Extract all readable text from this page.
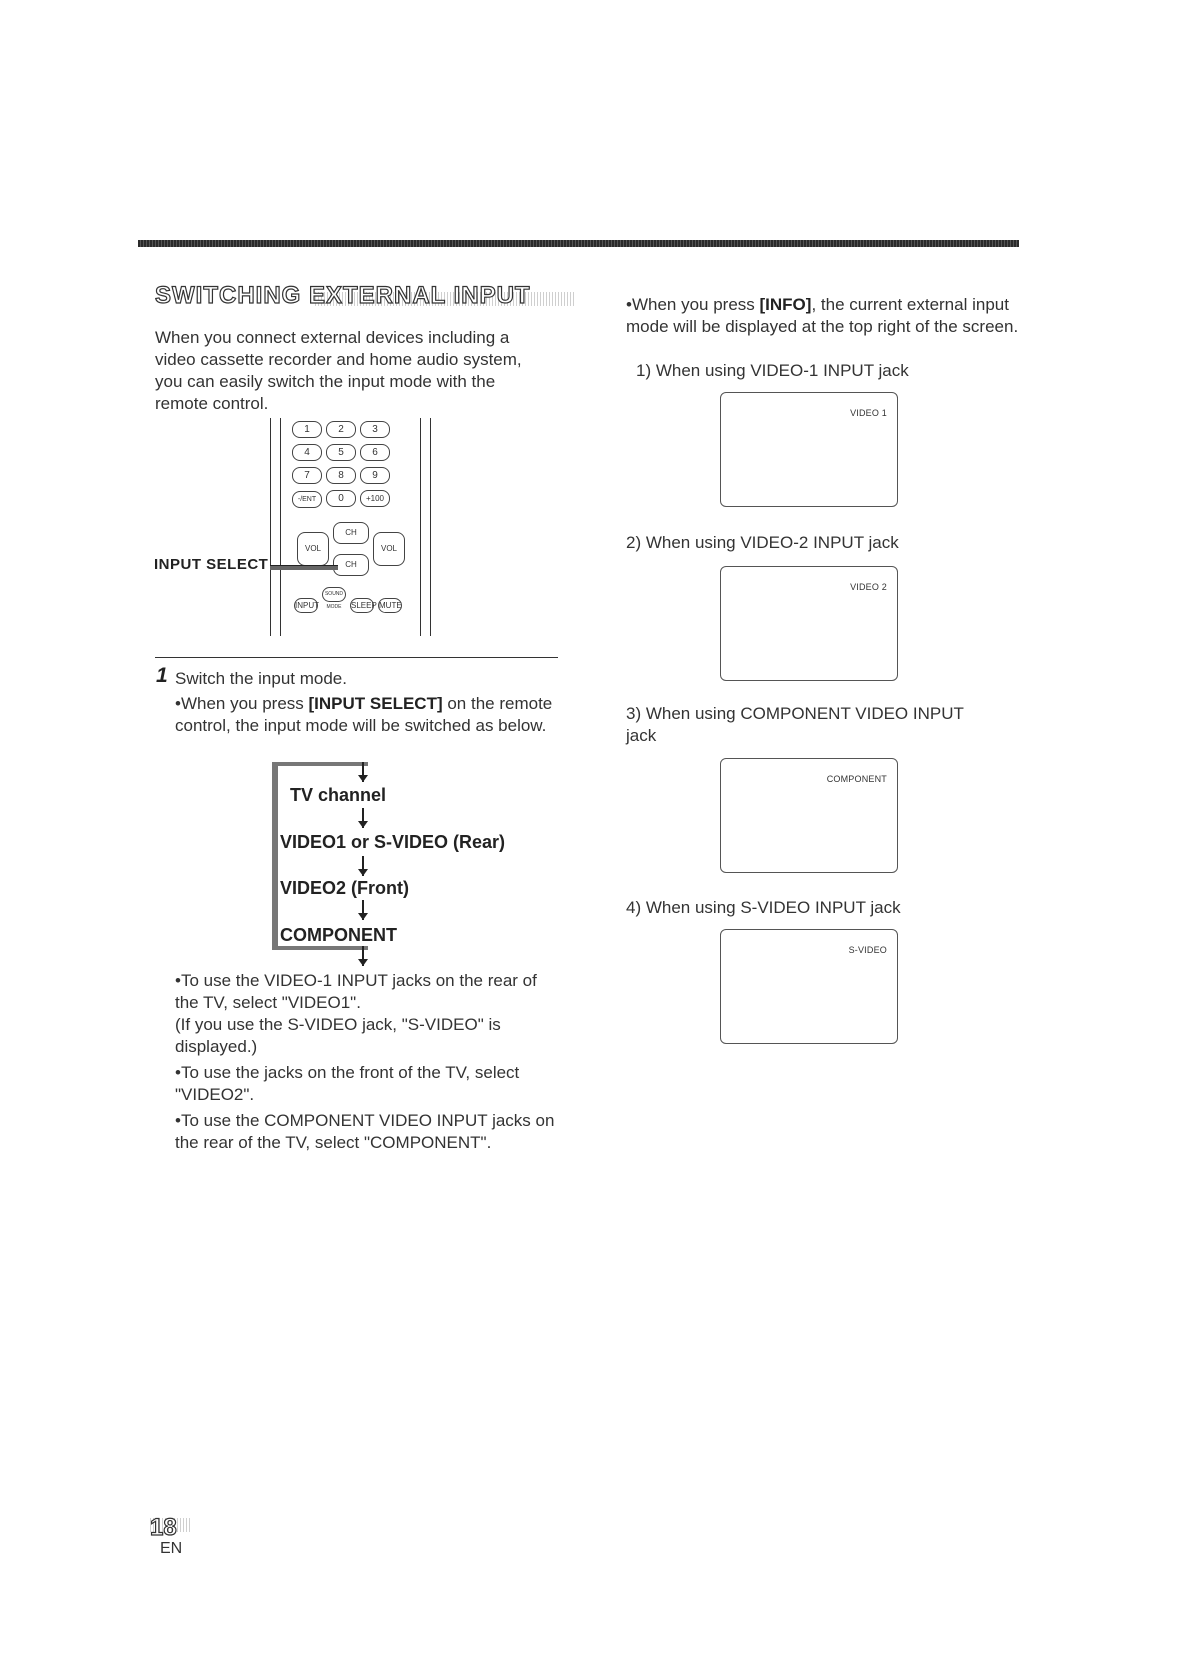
SWITCHING EXTERNAL INPUT
When you connect external devices including a video cassette recorder and home audio system, you can easily switch the input mode with the remote control.
1	2	3
4	5	6
7	8	9
-/ENT 0	+100
CH
CH
VOL	VOL
INPUTSOUND MODE SLEEP MUTE
INPUT SELECT
1 Switch the input mode.
•When you press [INPUT SELECT] on the remote control, the input mode will be switched as below.
TV channel
VIDEO1 or S-VIDEO (Rear)
VIDEO2 (Front)
COMPONENT

•To use the VIDEO-1 INPUT jacks on the rear of the TV, select "VIDEO1".
(If you use the S-VIDEO jack, "S-VIDEO" is displayed.)

•To use the jacks on the front of the TV, select "VIDEO2".

•To use the COMPONENT VIDEO INPUT jacks on the rear of the TV, select "COMPONENT".

•When you press [INFO], the current external input mode will be displayed at the top right of the screen.
1) When using VIDEO-1 INPUT jack
VIDEO 1
2) When using VIDEO-2 INPUT jack
VIDEO 2
3) When using COMPONENT VIDEO INPUT jack
COMPONENT
4) When using S-VIDEO INPUT jack
S-VIDEO
18
EN
